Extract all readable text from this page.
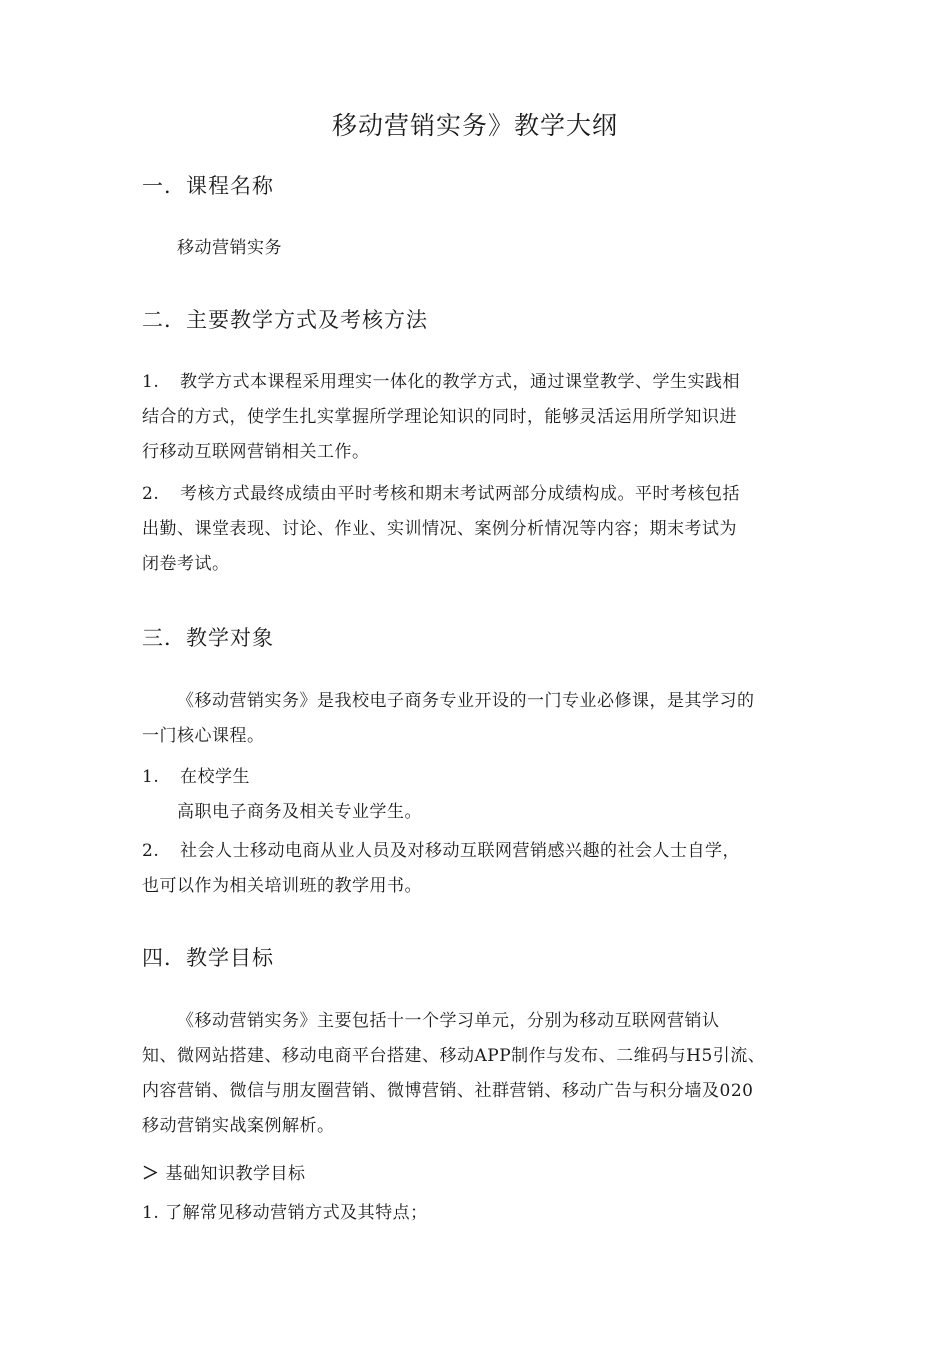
移动营销实务》教学大纲
一．课程名称
移动营销实务
二．主要教学方式及考核方法
1. 教学方式本课程采用理实一体化的教学方式，通过课堂教学、学生实践相
结合的方式，使学生扎实掌握所学理论知识的同时，能够灵活运用所学知识进
行移动互联网营销相关工作。
2. 考核方式最终成绩由平时考核和期末考试两部分成绩构成。平时考核包括
出勤、课堂表现、讨论、作业、实训情况、案例分析情况等内容；期末考试为
闭卷考试。
三．教学对象
《移动营销实务》是我校电子商务专业开设的一门专业必修课，是其学习的
一门核心课程。
1. 在校学生
高职电子商务及相关专业学生。
2. 社会人士移动电商从业人员及对移动互联网营销感兴趣的社会人士自学，
也可以作为相关培训班的教学用书。
四．教学目标
《移动营销实务》主要包括十一个学习单元，分别为移动互联网营销认
知、微网站搭建、移动电商平台搭建、移动APP制作与发布、二维码与H5引流、
内容营销、微信与朋友圈营销、微博营销、社群营销、移动广告与积分墙及020
移动营销实战案例解析。
＞ 基础知识教学目标
1. 了解常见移动营销方式及其特点；
